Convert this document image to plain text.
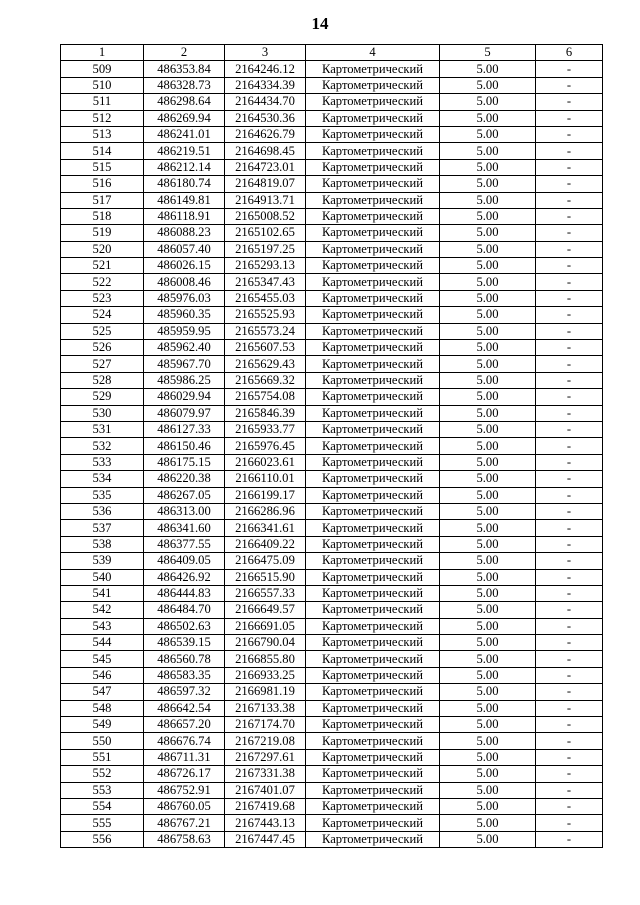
14
1	2	3	4	5	6
509	486353.84	2164246.12	Картометрический	5.00	-
510	486328.73	2164334.39	Картометрический	5.00	-
511	486298.64	2164434.70	Картометрический	5.00	-
512	486269.94	2164530.36	Картометрический	5.00	-
513	486241.01	2164626.79	Картометрический	5.00	-
514	486219.51	2164698.45	Картометрический	5.00	-
515	486212.14	2164723.01	Картометрический	5.00	-
516	486180.74	2164819.07	Картометрический	5.00	-
517	486149.81	2164913.71	Картометрический	5.00	-
518	486118.91	2165008.52	Картометрический	5.00	-
519	486088.23	2165102.65	Картометрический	5.00	-
520	486057.40	2165197.25	Картометрический	5.00	-
521	486026.15	2165293.13	Картометрический	5.00	-
522	486008.46	2165347.43	Картометрический	5.00	-
523	485976.03	2165455.03	Картометрический	5.00	-
524	485960.35	2165525.93	Картометрический	5.00	-
525	485959.95	2165573.24	Картометрический	5.00	-
526	485962.40	2165607.53	Картометрический	5.00	-
527	485967.70	2165629.43	Картометрический	5.00	-
528	485986.25	2165669.32	Картометрический	5.00	-
529	486029.94	2165754.08	Картометрический	5.00	-
530	486079.97	2165846.39	Картометрический	5.00	-
531	486127.33	2165933.77	Картометрический	5.00	-
532	486150.46	2165976.45	Картометрический	5.00	-
533	486175.15	2166023.61	Картометрический	5.00	-
534	486220.38	2166110.01	Картометрический	5.00	-
535	486267.05	2166199.17	Картометрический	5.00	-
536	486313.00	2166286.96	Картометрический	5.00	-
537	486341.60	2166341.61	Картометрический	5.00	-
538	486377.55	2166409.22	Картометрический	5.00	-
539	486409.05	2166475.09	Картометрический	5.00	-
540	486426.92	2166515.90	Картометрический	5.00	-
541	486444.83	2166557.33	Картометрический	5.00	-
542	486484.70	2166649.57	Картометрический	5.00	-
543	486502.63	2166691.05	Картометрический	5.00	-
544	486539.15	2166790.04	Картометрический	5.00	-
545	486560.78	2166855.80	Картометрический	5.00	-
546	486583.35	2166933.25	Картометрический	5.00	-
547	486597.32	2166981.19	Картометрический	5.00	-
548	486642.54	2167133.38	Картометрический	5.00	-
549	486657.20	2167174.70	Картометрический	5.00	-
550	486676.74	2167219.08	Картометрический	5.00	-
551	486711.31	2167297.61	Картометрический	5.00	-
552	486726.17	2167331.38	Картометрический	5.00	-
553	486752.91	2167401.07	Картометрический	5.00	-
554	486760.05	2167419.68	Картометрический	5.00	-
555	486767.21	2167443.13	Картометрический	5.00	-
556	486758.63	2167447.45	Картометрический	5.00	-
